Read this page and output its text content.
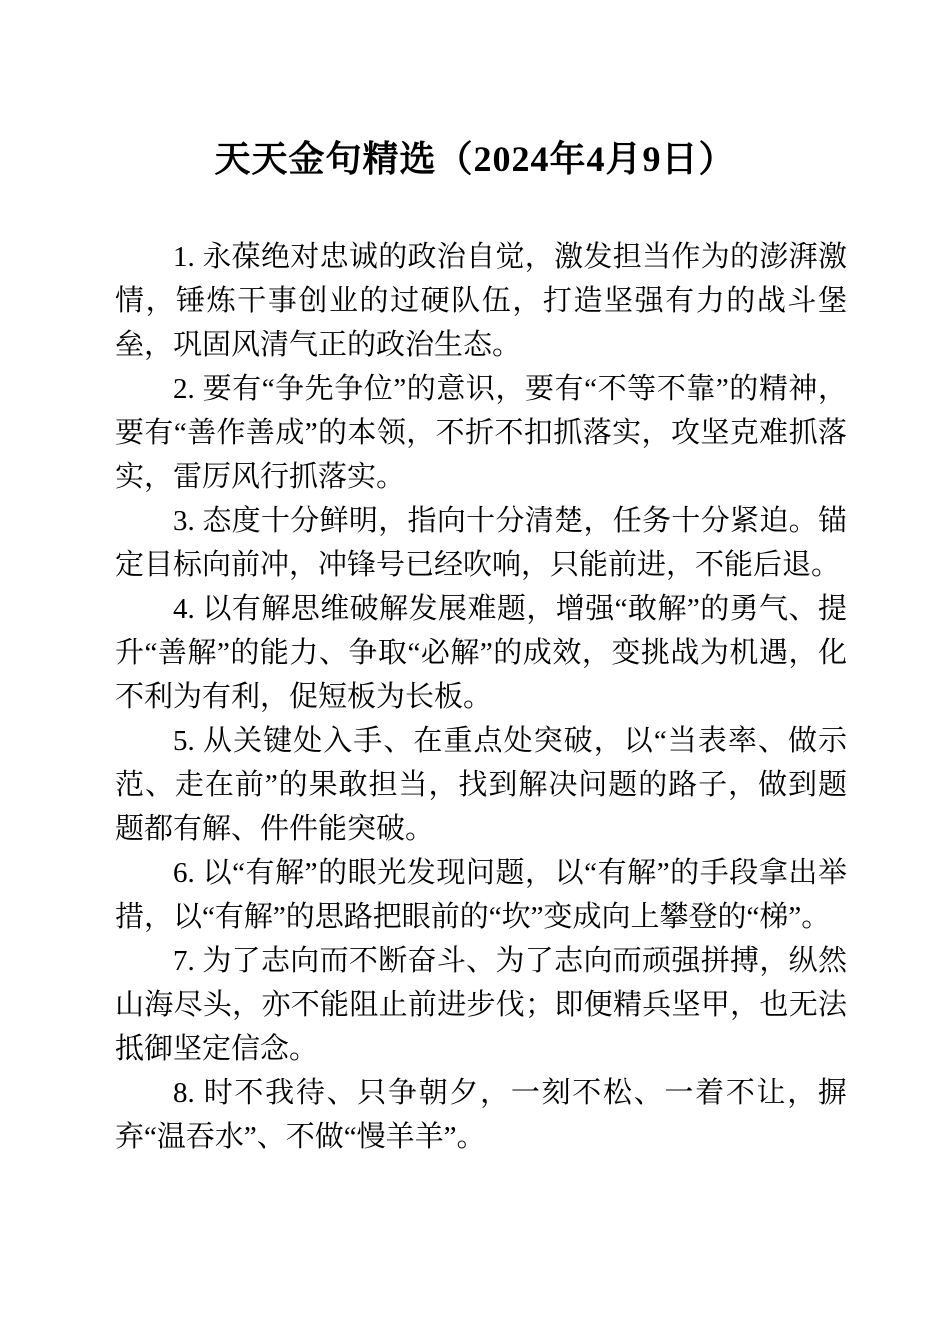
天天金句精选（2024年4月9日）

1. 永葆绝对忠诚的政治自觉，激发担当作为的澎湃激情，锤炼干事创业的过硬队伍，打造坚强有力的战斗堡垒，巩固风清气正的政治生态。

2. 要有“争先争位”的意识，要有“不等不靠”的精神，要有“善作善成”的本领，不折不扣抓落实，攻坚克难抓落实，雷厉风行抓落实。

3. 态度十分鲜明，指向十分清楚，任务十分紧迫。锚定目标向前冲，冲锋号已经吹响，只能前进，不能后退。

4. 以有解思维破解发展难题，增强“敢解”的勇气、提升“善解”的能力、争取“必解”的成效，变挑战为机遇，化不利为有利，促短板为长板。

5. 从关键处入手、在重点处突破，以“当表率、做示范、走在前”的果敢担当，找到解决问题的路子，做到题题都有解、件件能突破。

6. 以“有解”的眼光发现问题，以“有解”的手段拿出举措，以“有解”的思路把眼前的“坎”变成向上攀登的“梯”。

7. 为了志向而不断奋斗、为了志向而顽强拼搏，纵然山海尽头，亦不能阻止前进步伐；即便精兵坚甲，也无法抵御坚定信念。

8. 时不我待、只争朝夕，一刻不松、一着不让，摒弃“温吞水”、不做“慢羊羊”。
